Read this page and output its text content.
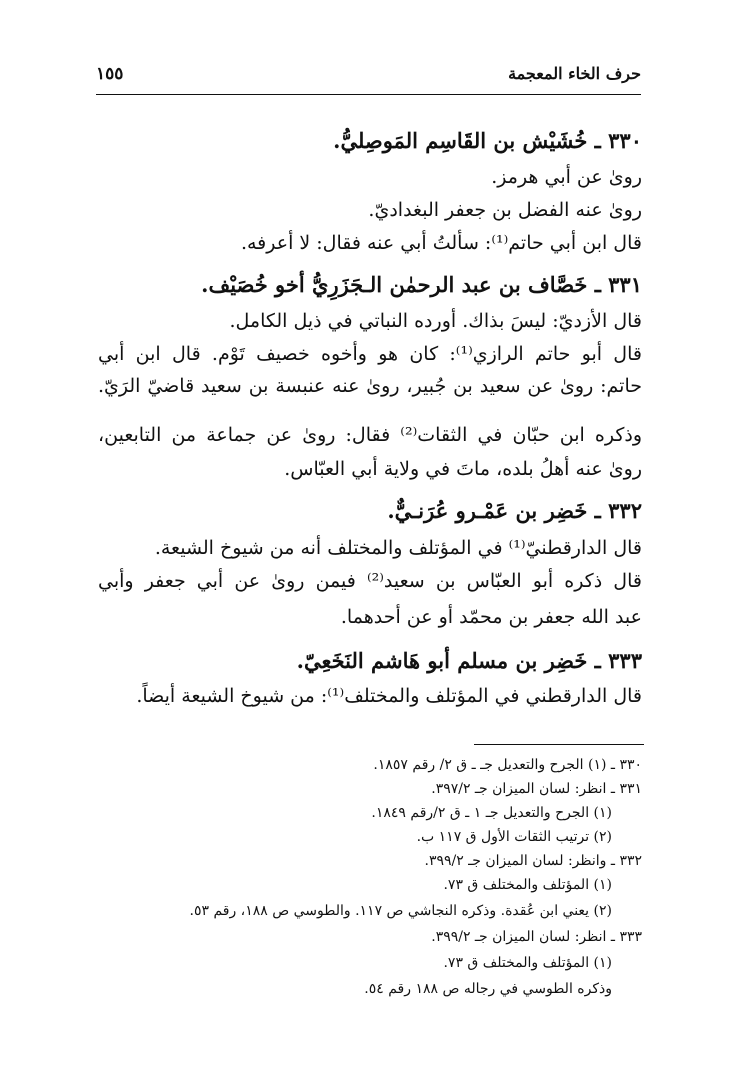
حرف الخاء المعجمة
١٥٥
٣٣٠ ـ خُشَيْش بن القَاسِم المَوصِليُّ.
روىٰ عن أبي هرمز.
روىٰ عنه الفضل بن جعفر البغداديّ.
قال ابن أبي حاتم⁽¹⁾: سألتُ أبي عنه فقال: لا أعرفه.
٣٣١ ـ خَصَّاف بن عبد الرحمٰن الـجَزَرِيُّ أخو خُصَيْف.
قال الأزديّ: ليسَ بذاك. أورده النباتي في ذيل الكامل.
قال أبو حاتم الرازي⁽¹⁾: كان هو وأخوه خصيف تَوْم. قال ابن أبي
حاتم: روىٰ عن سعيد بن جُبير، روىٰ عنه عنبسة بن سعيد قاضيّ الرَيّ.
وذكره ابن حبّان في الثقات⁽²⁾ فقال: روىٰ عن جماعة من التابعين،
روىٰ عنه أهلُ بلده، ماتَ في ولاية أبي العبّاس.
٣٣٢ ـ خَضِر بن عَمْـرو عُرَنـيٌّ.
قال الدارقطنيّ⁽¹⁾ في المؤتلف والمختلف أنه من شيوخ الشيعة.
قال ذكره أبو العبّاس بن سعيد⁽²⁾ فيمن روىٰ عن أبي جعفر وأبي
عبد الله جعفر بن محمّد أو عن أحدهما.
٣٣٣ ـ خَضِر بن مسلم أبو هَاشم النَخَعِيّ.
قال الدارقطني في المؤتلف والمختلف⁽¹⁾: من شيوخ الشيعة أيضاً.
٣٣٠ ـ (١) الجرح والتعديل جـ ـ ق ٢/ رقم ١٨٥٧.
٣٣١ ـ انظر: لسان الميزان جـ ٣٩٧/٢.
(١) الجرح والتعديل جـ ١ ـ ق ٢/رقم ١٨٤٩.
(٢) ترتيب الثقات الأول ق ١١٧ ب.
٣٣٢ ـ وانظر: لسان الميزان جـ ٣٩٩/٢.
(١) المؤتلف والمختلف ق ٧٣.
(٢) يعني ابن عُقدة. وذكره النجاشي ص ١١٧. والطوسي ص ١٨٨، رقم ٥٣.
٣٣٣ ـ انظر: لسان الميزان جـ ٣٩٩/٢.
(١) المؤتلف والمختلف ق ٧٣.
وذكره الطوسي في رجاله ص ١٨٨ رقم ٥٤.
